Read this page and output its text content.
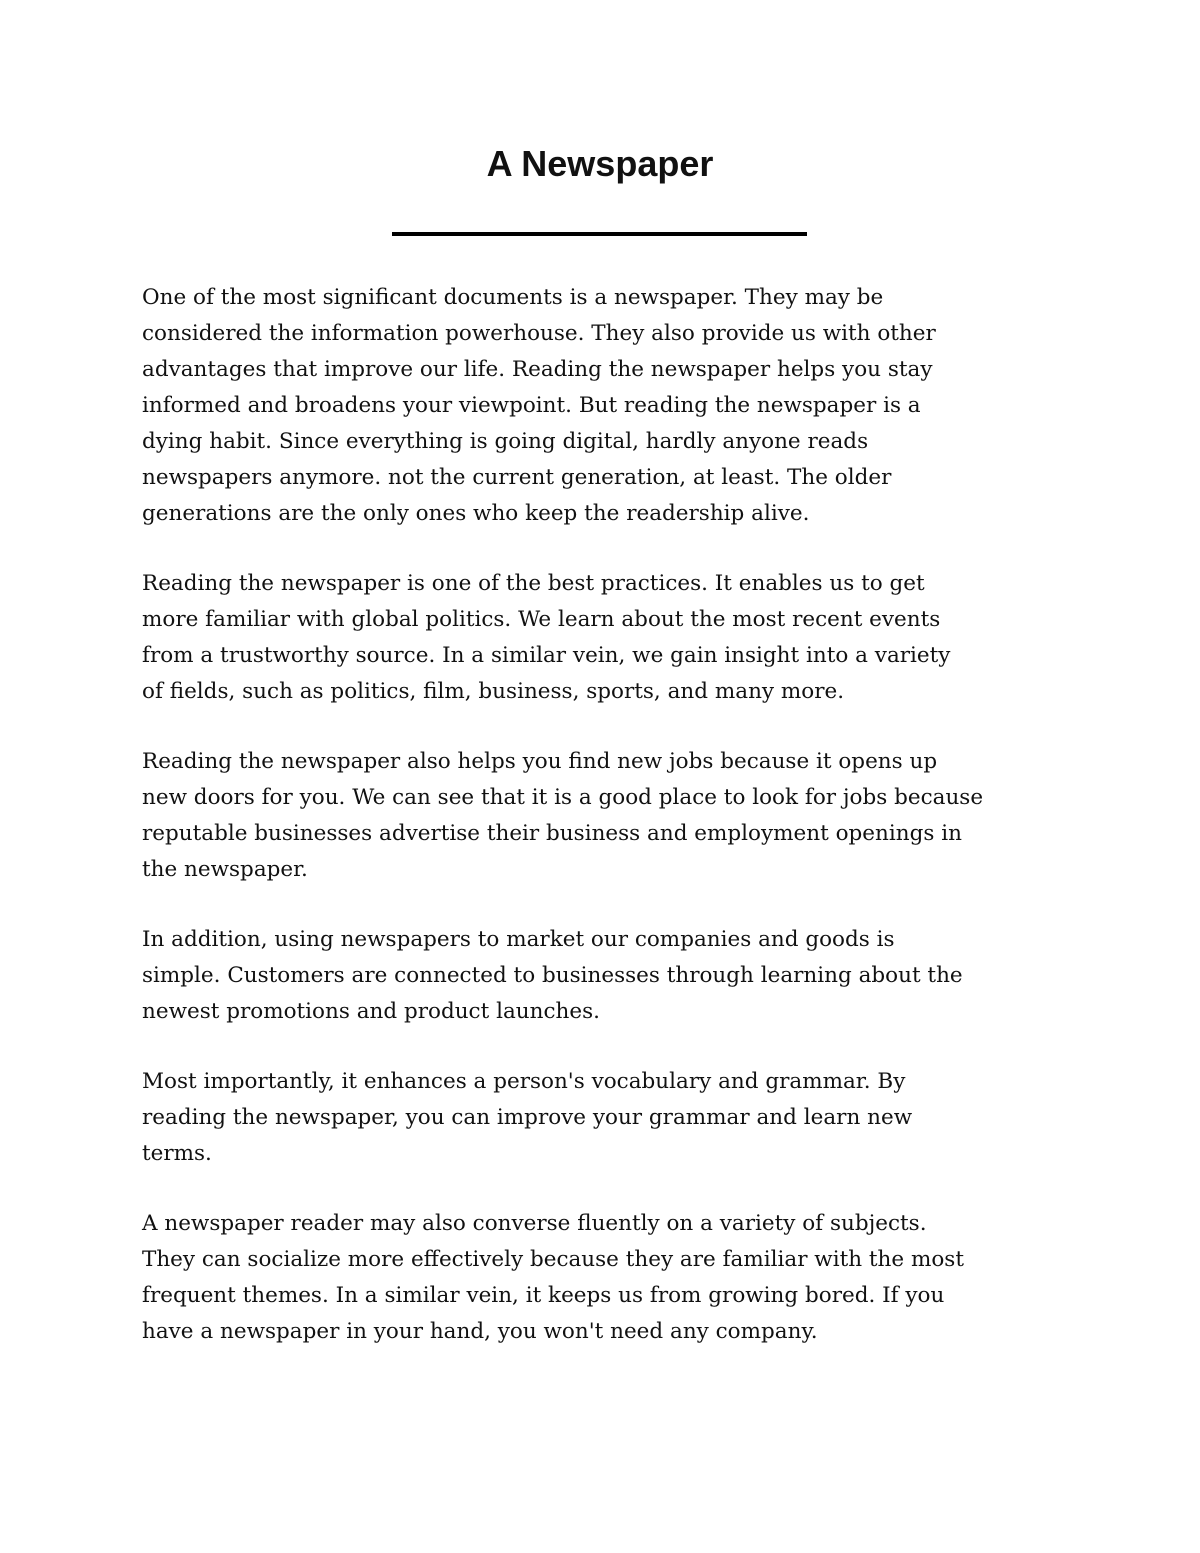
A Newspaper

One of the most significant documents is a newspaper. They may be
considered the information powerhouse. They also provide us with other
advantages that improve our life. Reading the newspaper helps you stay
informed and broadens your viewpoint. But reading the newspaper is a
dying habit. Since everything is going digital, hardly anyone reads
newspapers anymore. not the current generation, at least. The older
generations are the only ones who keep the readership alive.

Reading the newspaper is one of the best practices. It enables us to get
more familiar with global politics. We learn about the most recent events
from a trustworthy source. In a similar vein, we gain insight into a variety
of fields, such as politics, film, business, sports, and many more.

Reading the newspaper also helps you find new jobs because it opens up
new doors for you. We can see that it is a good place to look for jobs because
reputable businesses advertise their business and employment openings in
the newspaper.

In addition, using newspapers to market our companies and goods is
simple. Customers are connected to businesses through learning about the
newest promotions and product launches.

Most importantly, it enhances a person's vocabulary and grammar. By
reading the newspaper, you can improve your grammar and learn new
terms.

A newspaper reader may also converse fluently on a variety of subjects.
They can socialize more effectively because they are familiar with the most
frequent themes. In a similar vein, it keeps us from growing bored. If you
have a newspaper in your hand, you won't need any company.
